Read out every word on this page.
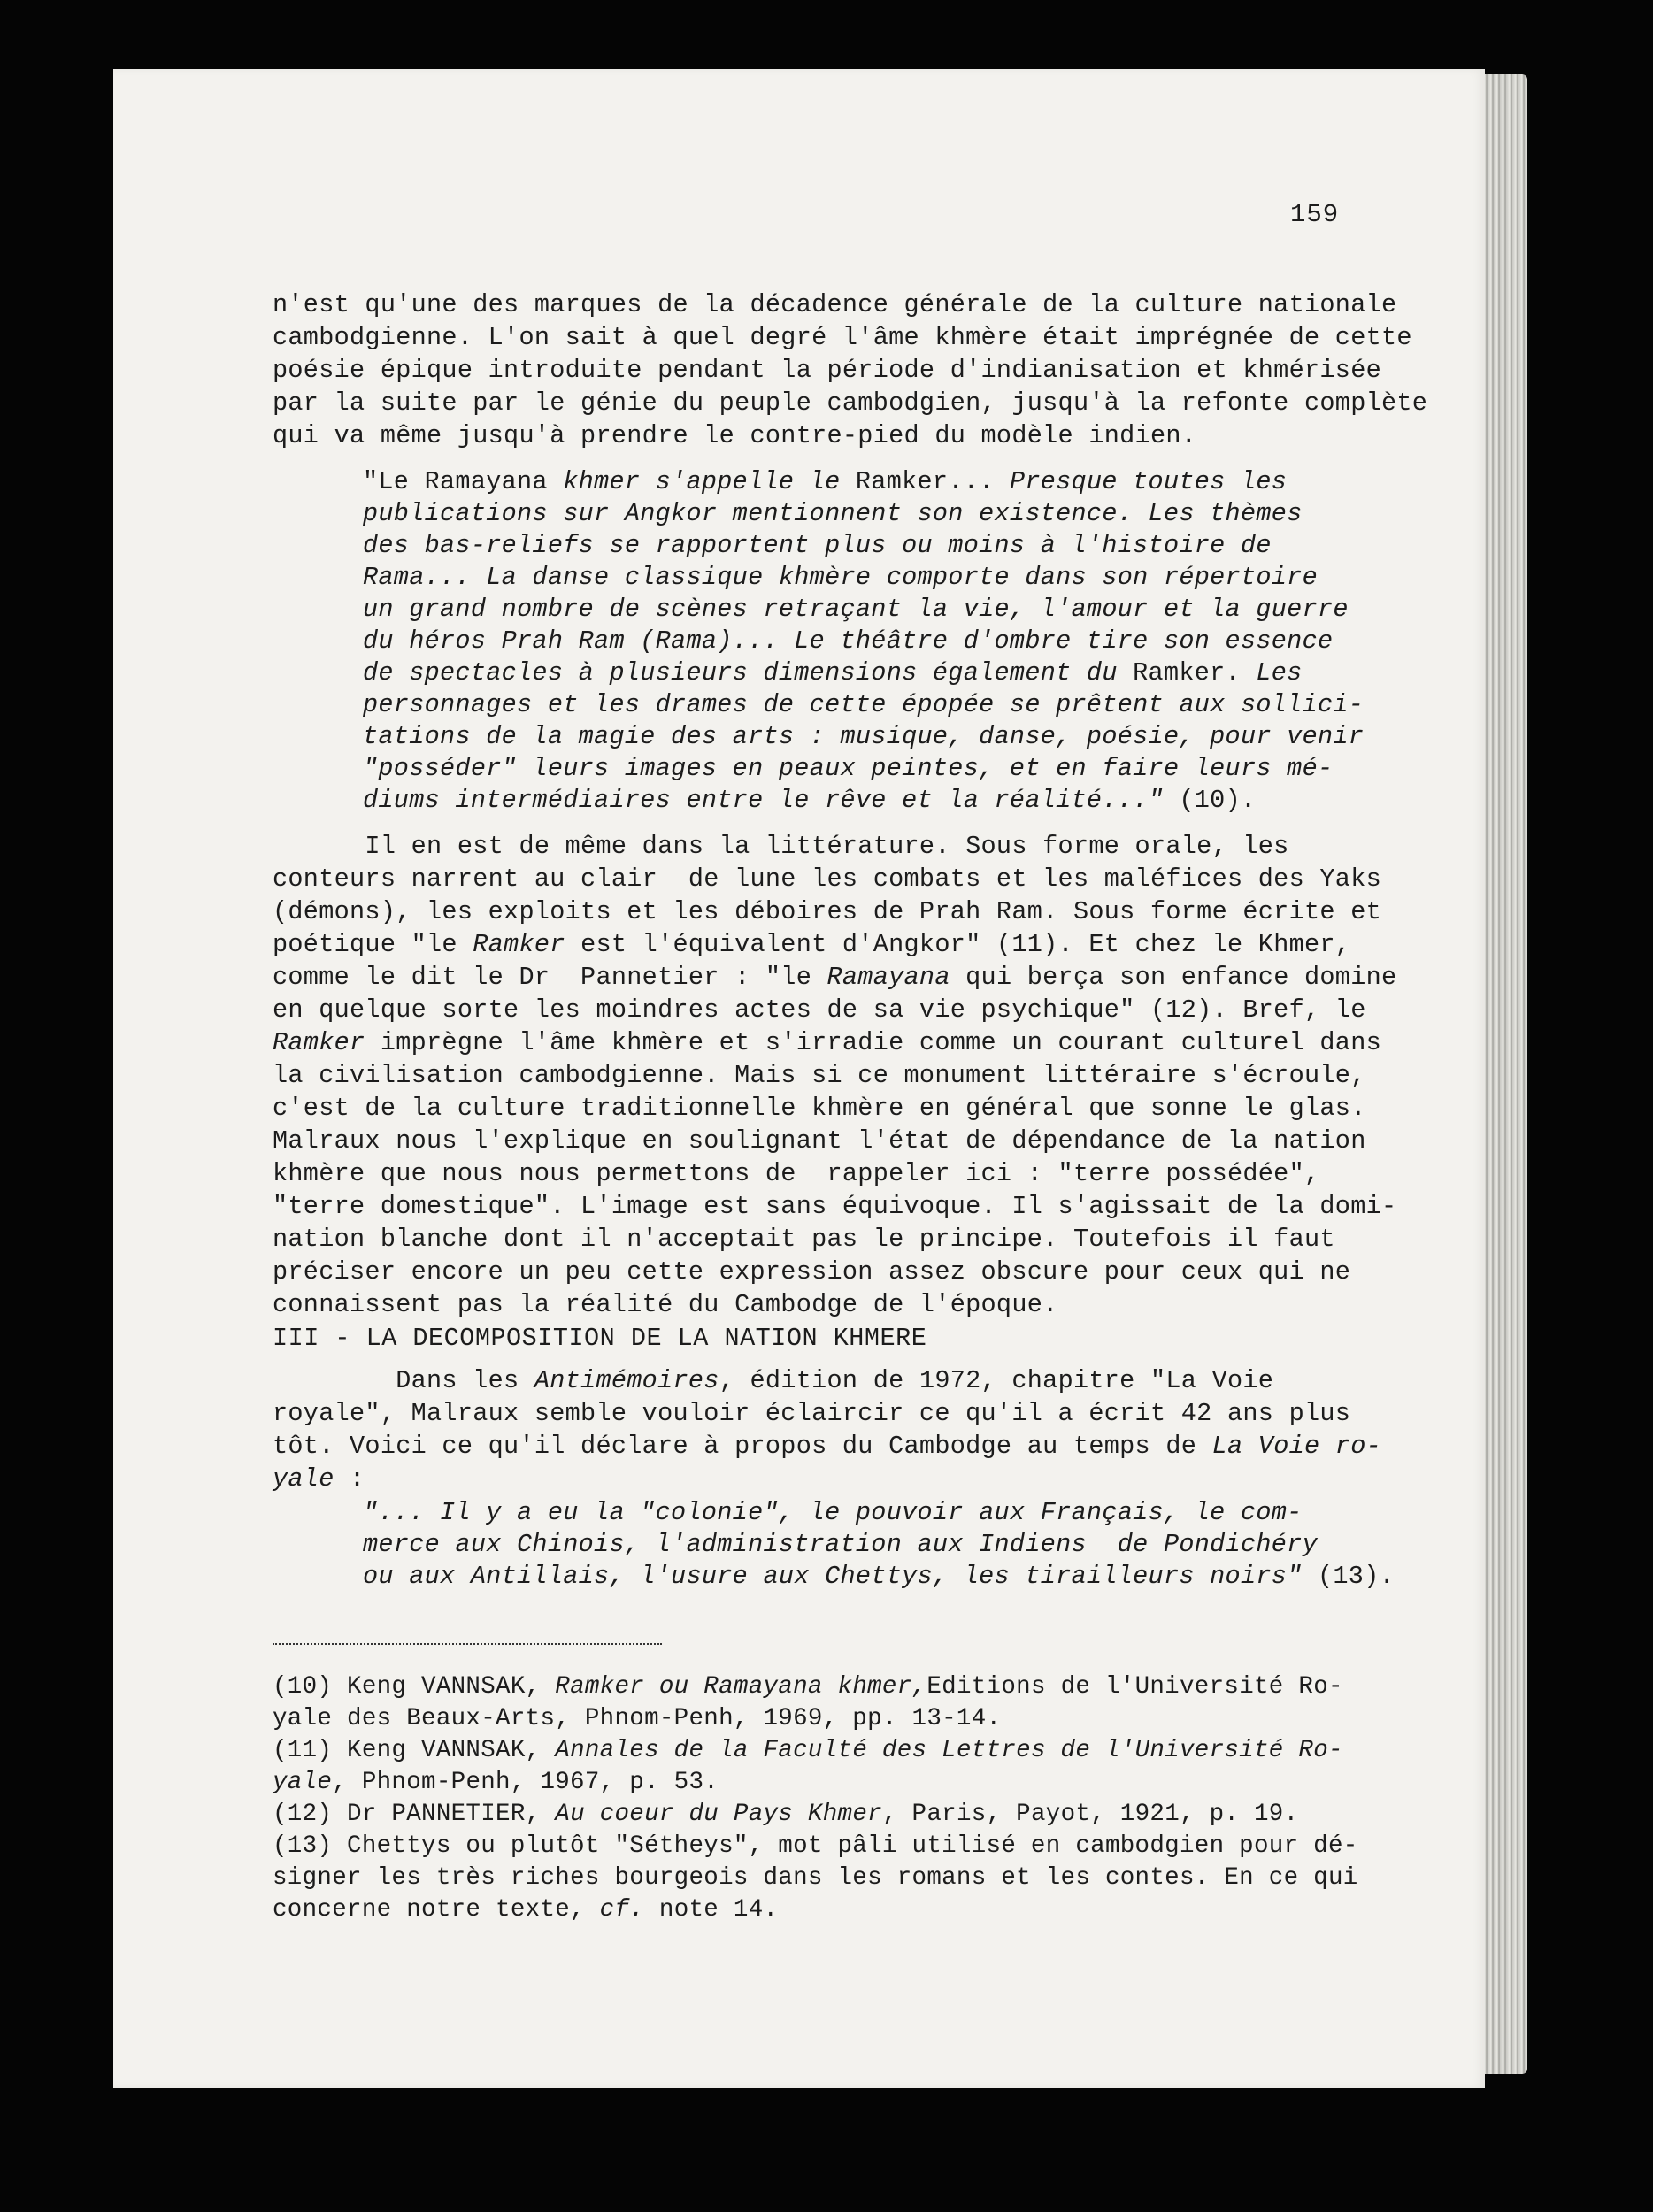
159
n'est qu'une des marques de la décadence générale de la culture nationale
cambodgienne. L'on sait à quel degré l'âme khmère était imprégnée de cette
poésie épique introduite pendant la période d'indianisation et khmérisée
par la suite par le génie du peuple cambodgien, jusqu'à la refonte complète
qui va même jusqu'à prendre le contre-pied du modèle indien.
"Le Ramayana khmer s'appelle le Ramker... Presque toutes les
publications sur Angkor mentionnent son existence. Les thèmes
des bas-reliefs se rapportent plus ou moins à l'histoire de
Rama... La danse classique khmère comporte dans son répertoire
un grand nombre de scènes retraçant la vie, l'amour et la guerre
du héros Prah Ram (Rama)... Le théâtre d'ombre tire son essence
de spectacles à plusieurs dimensions également du Ramker. Les
personnages et les drames de cette épopée se prêtent aux sollici-
tations de la magie des arts : musique, danse, poésie, pour venir
"posséder" leurs images en peaux peintes, et en faire leurs mé-
diums intermédiaires entre le rêve et la réalité..." (10).
Il en est de même dans la littérature. Sous forme orale, les
conteurs narrent au clair  de lune les combats et les maléfices des Yaks
(démons), les exploits et les déboires de Prah Ram. Sous forme écrite et
poétique "le Ramker est l'équivalent d'Angkor" (11). Et chez le Khmer,
comme le dit le Dr  Pannetier : "le Ramayana qui berça son enfance domine
en quelque sorte les moindres actes de sa vie psychique" (12). Bref, le
Ramker imprègne l'âme khmère et s'irradie comme un courant culturel dans
la civilisation cambodgienne. Mais si ce monument littéraire s'écroule,
c'est de la culture traditionnelle khmère en général que sonne le glas.
Malraux nous l'explique en soulignant l'état de dépendance de la nation
khmère que nous nous permettons de  rappeler ici : "terre possédée",
"terre domestique". L'image est sans équivoque. Il s'agissait de la domi-
nation blanche dont il n'acceptait pas le principe. Toutefois il faut
préciser encore un peu cette expression assez obscure pour ceux qui ne
connaissent pas la réalité du Cambodge de l'époque.
III - LA DECOMPOSITION DE LA NATION KHMERE
Dans les Antimémoires, édition de 1972, chapitre "La Voie
royale", Malraux semble vouloir éclaircir ce qu'il a écrit 42 ans plus
tôt. Voici ce qu'il déclare à propos du Cambodge au temps de La Voie ro-
yale :
"... Il y a eu la "colonie", le pouvoir aux Français, le com-
merce aux Chinois, l'administration aux Indiens  de Pondichéry
ou aux Antillais, l'usure aux Chettys, les tirailleurs noirs" (13).
(10) Keng VANNSAK, Ramker ou Ramayana khmer,Editions de l'Université Ro-
yale des Beaux-Arts, Phnom-Penh, 1969, pp. 13-14.
(11) Keng VANNSAK, Annales de la Faculté des Lettres de l'Université Ro-
yale, Phnom-Penh, 1967, p. 53.
(12) Dr PANNETIER, Au coeur du Pays Khmer, Paris, Payot, 1921, p. 19.
(13) Chettys ou plutôt "Sétheys", mot pâli utilisé en cambodgien pour dé-
signer les très riches bourgeois dans les romans et les contes. En ce qui
concerne notre texte, cf. note 14.
